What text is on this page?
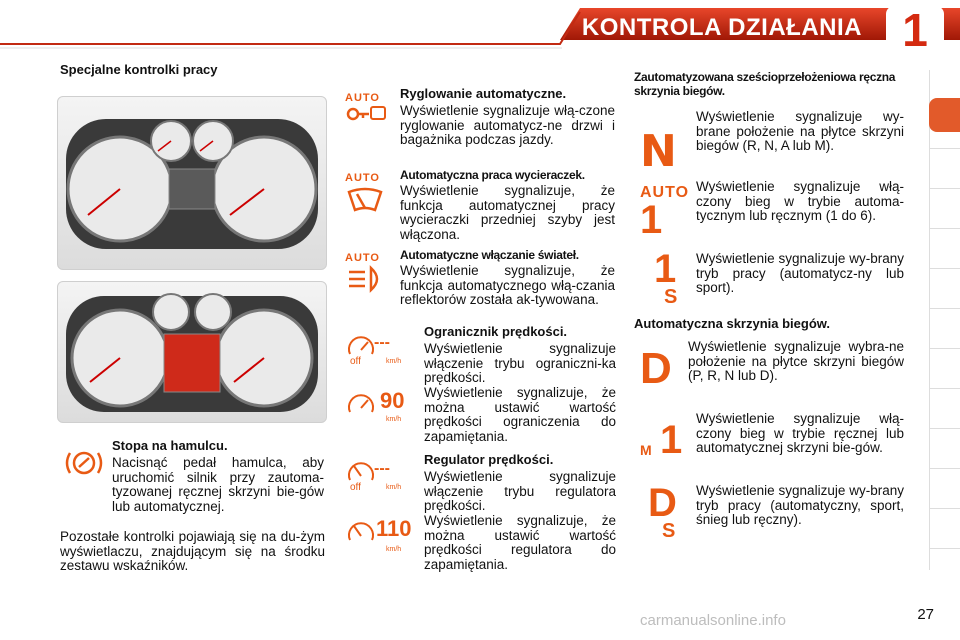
KONTROLA DZIAŁANIA 1
Specjalne kontrolki pracy
Stopa na hamulcu.
Nacisnąć pedał hamulca, aby uruchomić silnik przy zautoma-tyzowanej ręcznej skrzyni bie-gów lub automatycznej.
Pozostałe kontrolki pojawiają się na du-żym wyświetlaczu, znajdującym się na środku zestawu wskaźników.
AUTO	Ryglowanie automatyczne.
Wyświetlenie sygnalizuje włą-czone ryglowanie automatycz-ne drzwi i bagażnika podczas jazdy.
AUTO	Automatyczna praca wycieraczek.
Wyświetlenie sygnalizuje, że funkcja automatycznej pracy wycieraczki przedniej szyby jest włączona.
AUTO	Automatyczne włączanie świateł.
Wyświetlenie sygnalizuje, że funkcja automatycznego włą-czania reflektorów została ak-tywowana.
---
off	km/h
Ogranicznik prędkości.
Wyświetlenie sygnalizuje włączenie trybu ograniczni-ka prędkości.
90
km/h
Wyświetlenie sygnalizuje, że można ustawić wartość prędkości ograniczenia do zapamiętania.
---
off	km/h
Regulator prędkości.
Wyświetlenie sygnalizuje włączenie trybu regulatora prędkości.
110
km/h
Wyświetlenie sygnalizuje, że można ustawić wartość prędkości regulatora do zapamiętania.
Zautomatyzowana sześcioprzełożeniowa ręczna skrzynia biegów.
N
Wyświetlenie sygnalizuje wy-brane położenie na płytce skrzyni biegów (R, N, A lub M).
AUTO
1
Wyświetlenie sygnalizuje włą-czony bieg w trybie automa-tycznym lub ręcznym (1 do 6).
1
S
Wyświetlenie sygnalizuje wy-brany tryb pracy (automatycz-ny lub sport).
Automatyczna skrzynia biegów.
D Wyświetlenie sygnalizuje wybra-ne położenie na płytce skrzyni biegów (P, R, N lub D).
M 1 Wyświetlenie sygnalizuje włą-czony bieg w trybie ręcznej lub automatycznej skrzyni bie-gów.
D
S
Wyświetlenie sygnalizuje wy-brany tryb pracy (automatyczny, sport, śnieg lub ręczny).
carmanualsonline.info	27
